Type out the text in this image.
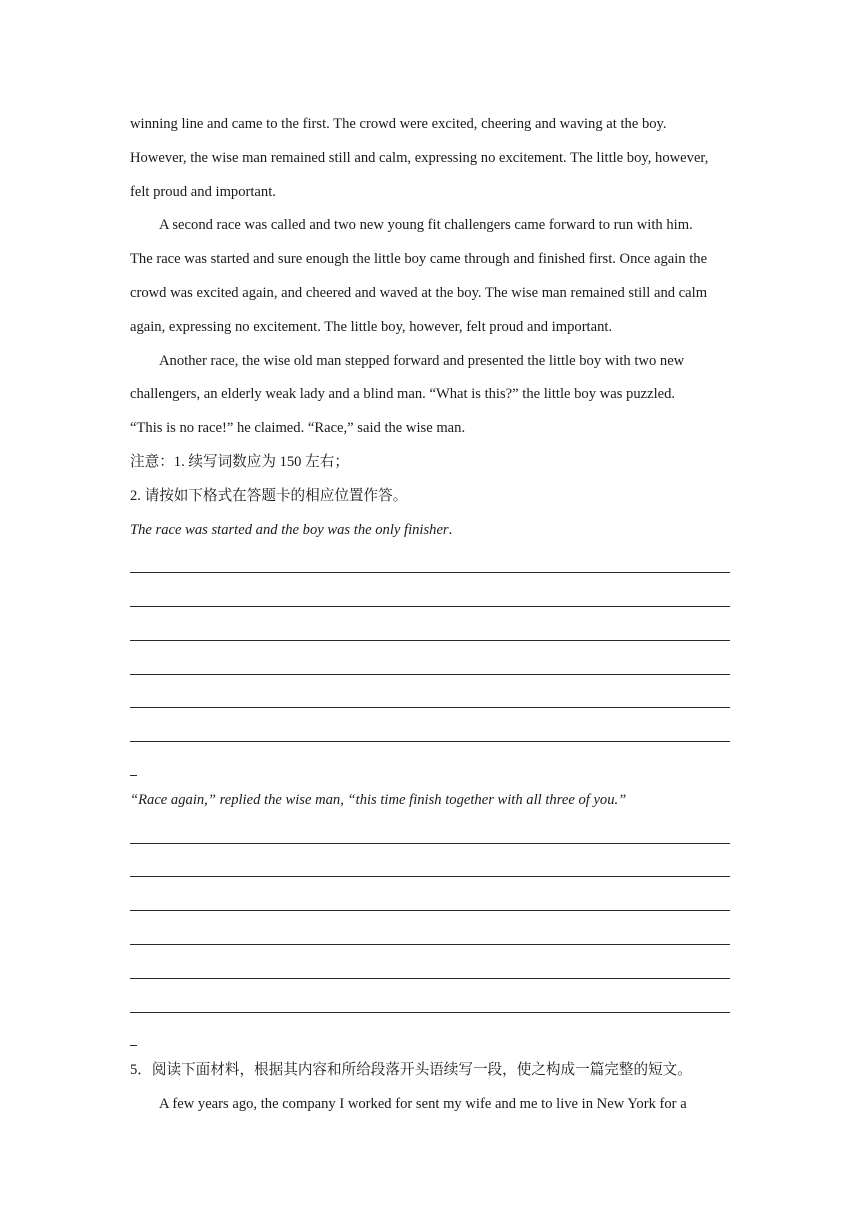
winning line and came to the first. The crowd were excited, cheering and waving at the boy.
However, the wise man remained still and calm, expressing no excitement. The little boy, however,
felt proud and important.
A second race was called and two new young fit challengers came forward to run with him.
The race was started and sure enough the little boy came through and finished first. Once again the
crowd was excited again, and cheered and waved at the boy. The wise man remained still and calm
again, expressing no excitement. The little boy, however, felt proud and important.
Another race, the wise old man stepped forward and presented the little boy with two new
challengers, an elderly weak lady and a blind man. “What is this?” the little boy was puzzled.
“This is no race!” he claimed. “Race,” said the wise man.
注意：1. 续写词数应为 150 左右；
2. 请按如下格式在答题卡的相应位置作答。
The race was started and the boy was the only finisher.
“Race again,” replied the wise man, “this time finish together with all three of you.”
5．阅读下面材料，根据其内容和所给段落开头语续写一段，使之构成一篇完整的短文。
A few years ago, the company I worked for sent my wife and me to live in New York for a
